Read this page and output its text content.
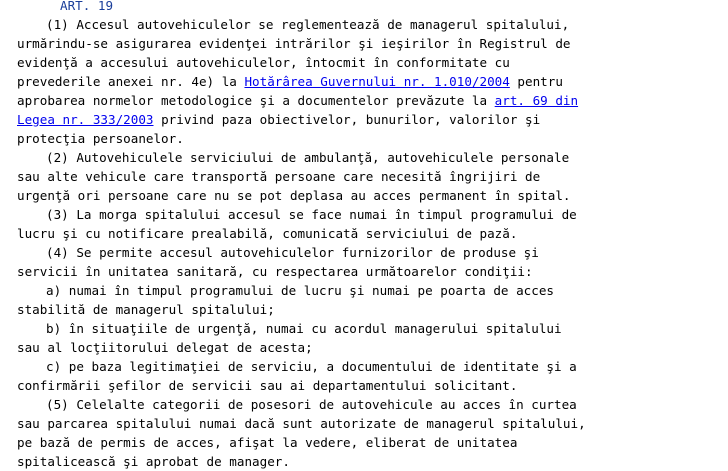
ART. 19
(1) Accesul autovehiculelor se reglementează de managerul spitalului,
urmărindu-se asigurarea evidenţei intrărilor şi ieşirilor în Registrul de
evidenţă a accesului autovehiculelor, întocmit în conformitate cu
prevederile anexei nr. 4e) la Hotărârea Guvernului nr. 1.010/2004 pentru
aprobarea normelor metodologice şi a documentelor prevăzute la art. 69 din
Legea nr. 333/2003 privind paza obiectivelor, bunurilor, valorilor şi
protecţia persoanelor.
(2) Autovehiculele serviciului de ambulanţă, autovehiculele personale
sau alte vehicule care transportă persoane care necesită îngrijiri de
urgenţă ori persoane care nu se pot deplasa au acces permanent în spital.
(3) La morga spitalului accesul se face numai în timpul programului de
lucru şi cu notificare prealabilă, comunicată serviciului de pază.
(4) Se permite accesul autovehiculelor furnizorilor de produse şi
servicii în unitatea sanitară, cu respectarea următoarelor condiţii:
a) numai în timpul programului de lucru şi numai pe poarta de acces
stabilită de managerul spitalului;
b) în situaţiile de urgenţă, numai cu acordul managerului spitalului
sau al locţiitorului delegat de acesta;
c) pe baza legitimaţiei de serviciu, a documentului de identitate şi a
confirmării şefilor de servicii sau ai departamentului solicitant.
(5) Celelalte categorii de posesori de autovehicule au acces în curtea
sau parcarea spitalului numai dacă sunt autorizate de managerul spitalului,
pe bază de permis de acces, afişat la vedere, eliberat de unitatea
spitalicească şi aprobat de manager.
